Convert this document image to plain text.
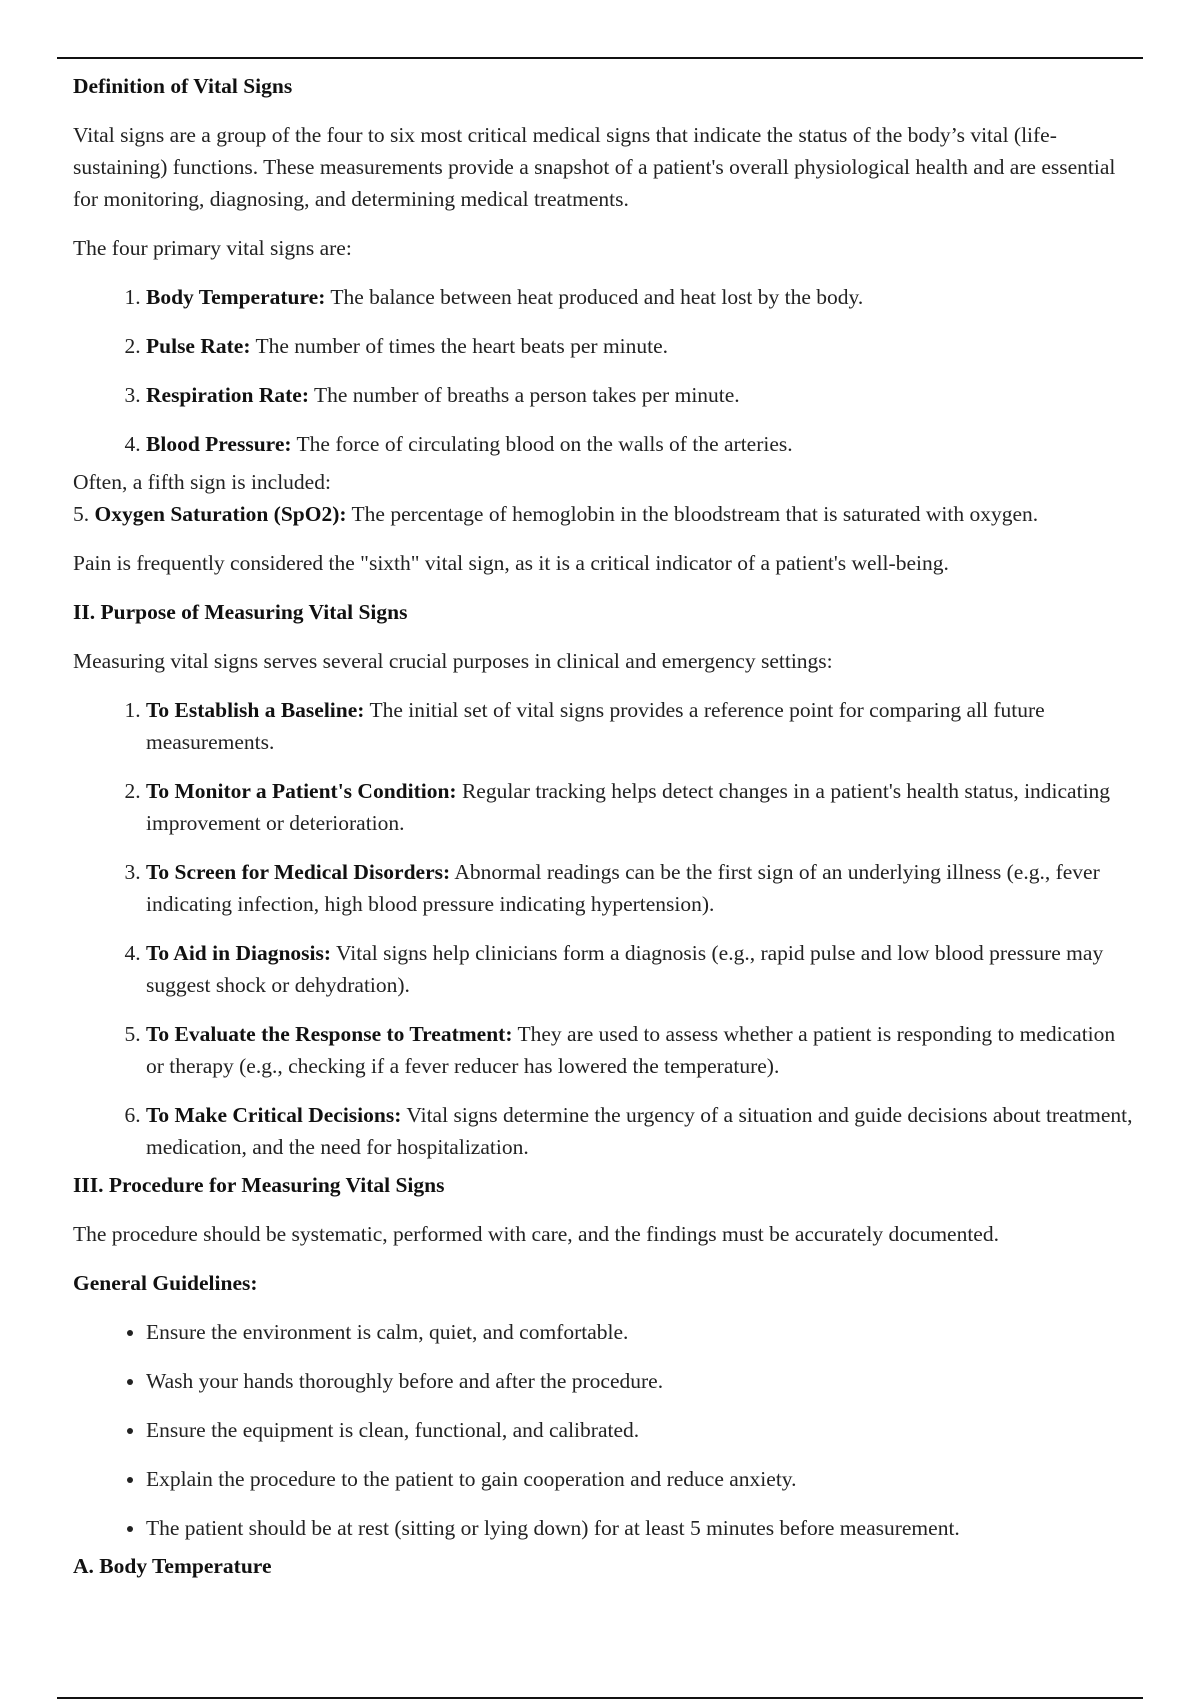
Definition of Vital Signs

Vital signs are a group of the four to six most critical medical signs that indicate the status of the body’s vital (life-sustaining) functions. These measurements provide a snapshot of a patient's overall physiological health and are essential for monitoring, diagnosing, and determining medical treatments.

The four primary vital signs are:

1. Body Temperature: The balance between heat produced and heat lost by the body.
2. Pulse Rate: The number of times the heart beats per minute.
3. Respiration Rate: The number of breaths a person takes per minute.
4. Blood Pressure: The force of circulating blood on the walls of the arteries.

Often, a fifth sign is included:
5. Oxygen Saturation (SpO2): The percentage of hemoglobin in the bloodstream that is saturated with oxygen.

Pain is frequently considered the "sixth" vital sign, as it is a critical indicator of a patient's well-being.

II. Purpose of Measuring Vital Signs

Measuring vital signs serves several crucial purposes in clinical and emergency settings:

1. To Establish a Baseline: The initial set of vital signs provides a reference point for comparing all future measurements.
2. To Monitor a Patient's Condition: Regular tracking helps detect changes in a patient's health status, indicating improvement or deterioration.
3. To Screen for Medical Disorders: Abnormal readings can be the first sign of an underlying illness (e.g., fever indicating infection, high blood pressure indicating hypertension).
4. To Aid in Diagnosis: Vital signs help clinicians form a diagnosis (e.g., rapid pulse and low blood pressure may suggest shock or dehydration).
5. To Evaluate the Response to Treatment: They are used to assess whether a patient is responding to medication or therapy (e.g., checking if a fever reducer has lowered the temperature).
6. To Make Critical Decisions: Vital signs determine the urgency of a situation and guide decisions about treatment, medication, and the need for hospitalization.
III. Procedure for Measuring Vital Signs

The procedure should be systematic, performed with care, and the findings must be accurately documented.

General Guidelines:
• Ensure the environment is calm, quiet, and comfortable.
• Wash your hands thoroughly before and after the procedure.
• Ensure the equipment is clean, functional, and calibrated.
• Explain the procedure to the patient to gain cooperation and reduce anxiety.
• The patient should be at rest (sitting or lying down) for at least 5 minutes before measurement.
A. Body Temperature
